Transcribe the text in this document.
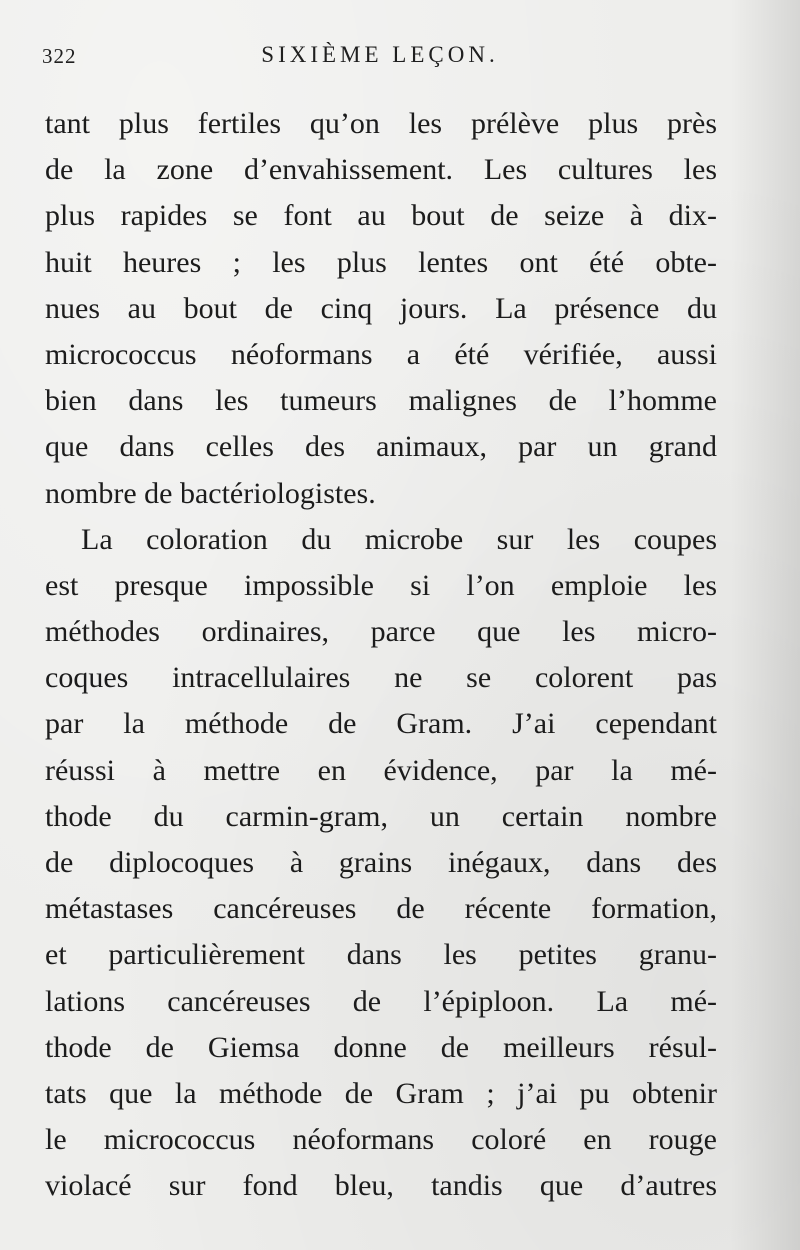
322	SIXIÈME LEÇON.
tant plus fertiles qu’on les prélève plus près
de la zone d’envahissement. Les cultures les
plus rapides se font au bout de seize à dix-
huit heures ; les plus lentes ont été obte-
nues au bout de cinq jours. La présence du
micrococcus néoformans a été vérifiée, aussi
bien dans les tumeurs malignes de l’homme
que dans celles des animaux, par un grand
nombre de bactériologistes.
La coloration du microbe sur les coupes
est presque impossible si l’on emploie les
méthodes ordinaires, parce que les micro-
coques intracellulaires ne se colorent pas
par la méthode de Gram. J’ai cependant
réussi à mettre en évidence, par la mé-
thode du carmin-gram, un certain nombre
de diplocoques à grains inégaux, dans des
métastases cancéreuses de récente formation,
et particulièrement dans les petites granu-
lations cancéreuses de l’épiploon. La mé-
thode de Giemsa donne de meilleurs résul-
tats que la méthode de Gram ; j’ai pu obtenir
le micrococcus néoformans coloré en rouge
violacé sur fond bleu, tandis que d’autres
